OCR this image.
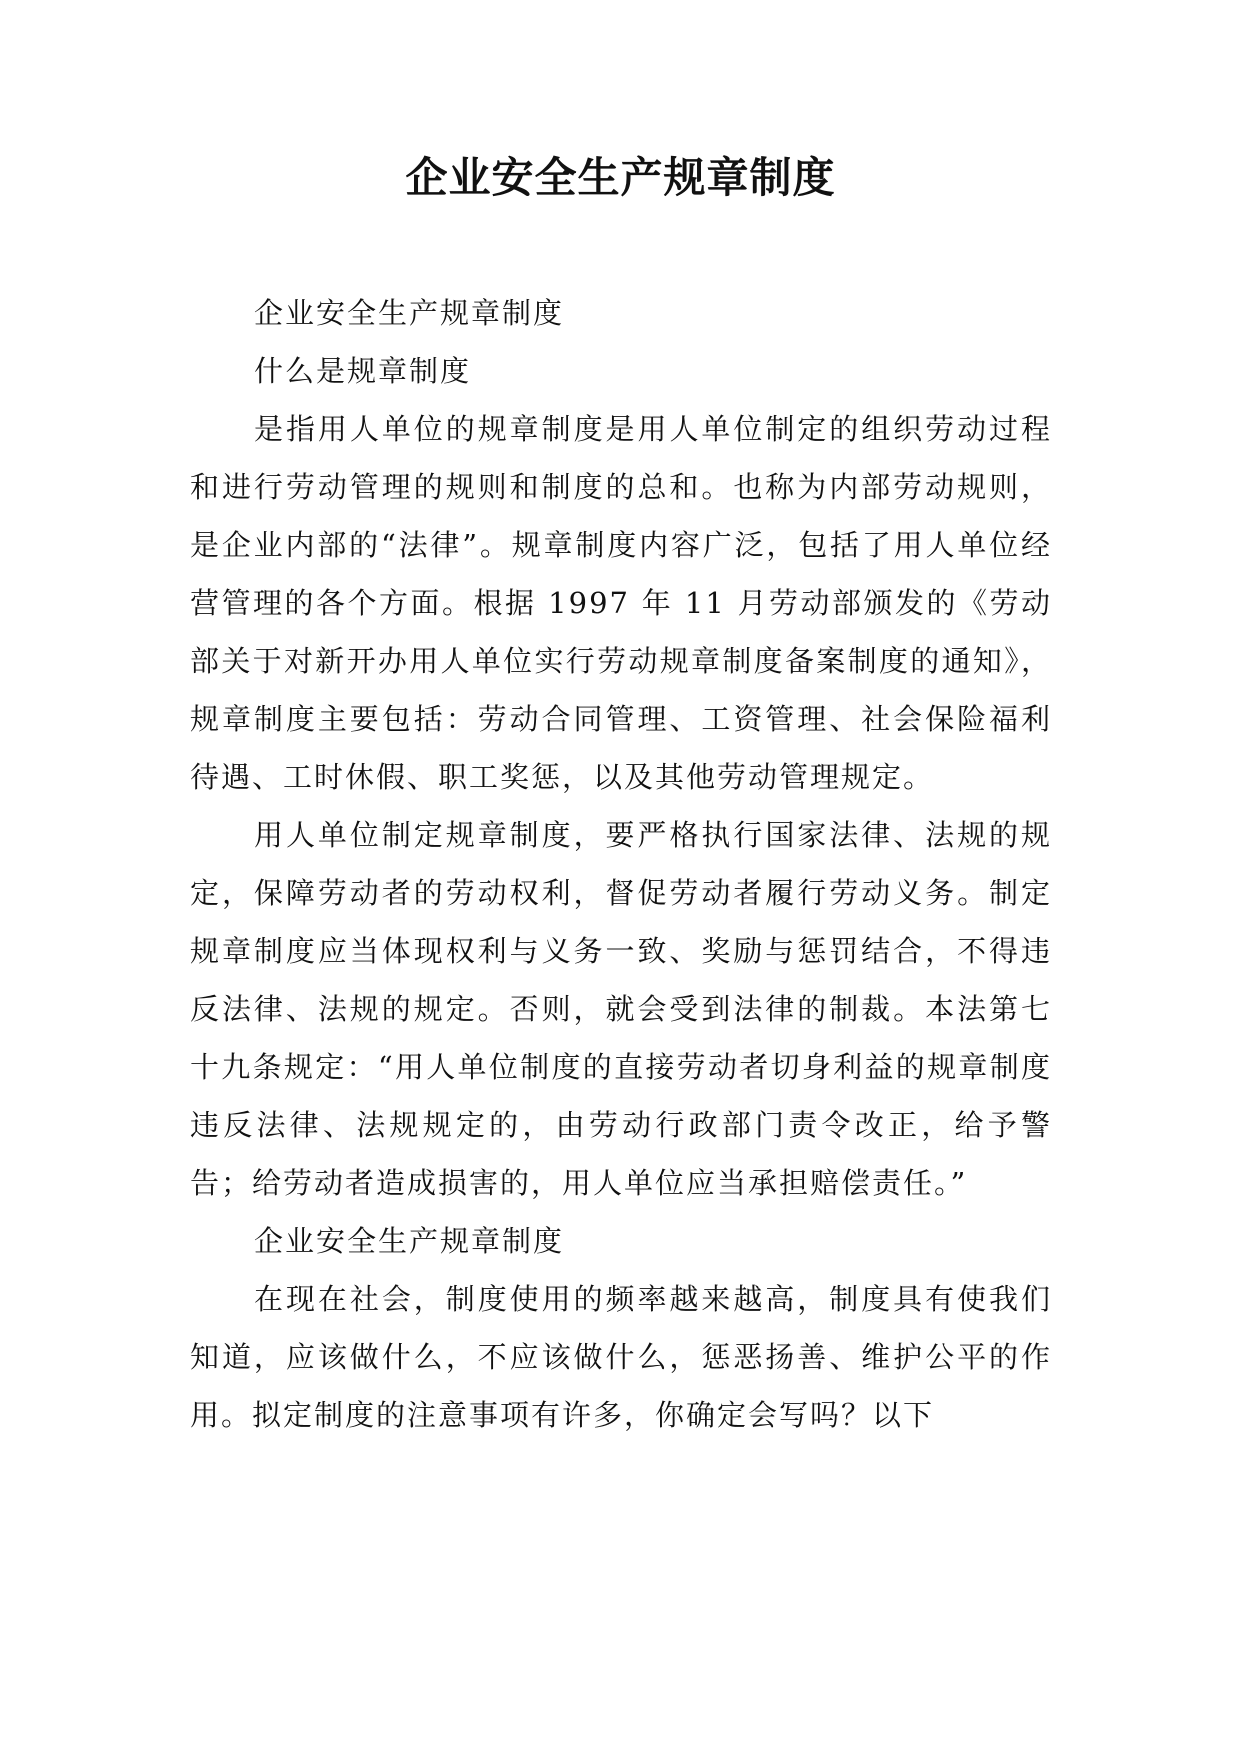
企业安全生产规章制度

企业安全生产规章制度

什么是规章制度

是指用人单位的规章制度是用人单位制定的组织劳动过程和进行劳动管理的规则和制度的总和。也称为内部劳动规则，是企业内部的“法律”。规章制度内容广泛，包括了用人单位经营管理的各个方面。根据 1997 年 11 月劳动部颁发的《劳动部关于对新开办用人单位实行劳动规章制度备案制度的通知》，规章制度主要包括：劳动合同管理、工资管理、社会保险福利待遇、工时休假、职工奖惩，以及其他劳动管理规定。

用人单位制定规章制度，要严格执行国家法律、法规的规定，保障劳动者的劳动权利，督促劳动者履行劳动义务。制定规章制度应当体现权利与义务一致、奖励与惩罚结合，不得违反法律、法规的规定。否则，就会受到法律的制裁。本法第七十九条规定：“用人单位制度的直接劳动者切身利益的规章制度违反法律、法规规定的，由劳动行政部门责令改正，给予警告；给劳动者造成损害的，用人单位应当承担赔偿责任。”

企业安全生产规章制度

在现在社会，制度使用的频率越来越高，制度具有使我们知道，应该做什么，不应该做什么，惩恶扬善、维护公平的作用。拟定制度的注意事项有许多，你确定会写吗？以下
